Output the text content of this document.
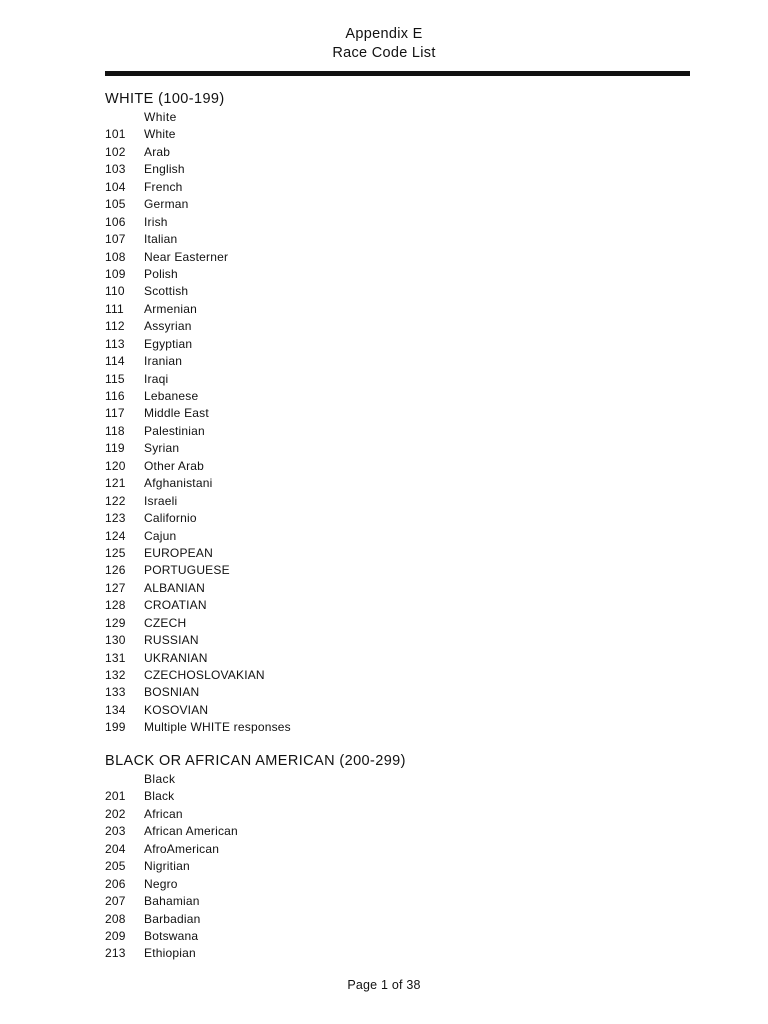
Appendix E
Race Code List
WHITE (100-199)
White
101 White
102 Arab
103 English
104 French
105 German
106 Irish
107 Italian
108 Near Easterner
109 Polish
110 Scottish
111 Armenian
112 Assyrian
113 Egyptian
114 Iranian
115 Iraqi
116 Lebanese
117 Middle East
118 Palestinian
119 Syrian
120 Other Arab
121 Afghanistani
122 Israeli
123 Californio
124 Cajun
125 EUROPEAN
126 PORTUGUESE
127 ALBANIAN
128 CROATIAN
129 CZECH
130 RUSSIAN
131 UKRANIAN
132 CZECHOSLOVAKIAN
133 BOSNIAN
134 KOSOVIAN
199 Multiple WHITE responses
BLACK OR AFRICAN AMERICAN (200-299)
Black
201 Black
202 African
203 African American
204 AfroAmerican
205 Nigritian
206 Negro
207 Bahamian
208 Barbadian
209 Botswana
213 Ethiopian
Page 1 of 38
